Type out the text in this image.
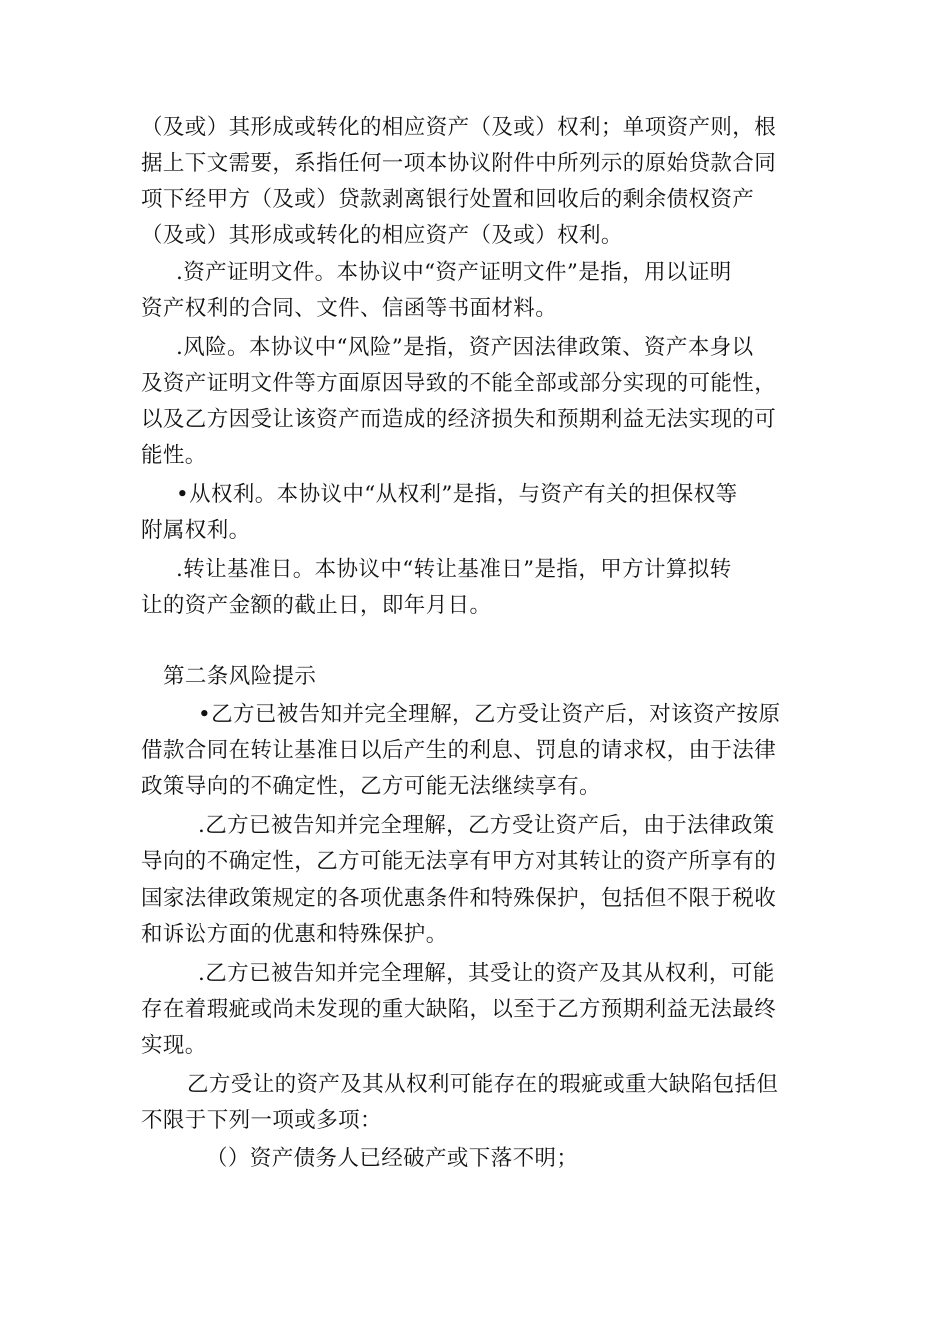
（及或）其形成或转化的相应资产（及或）权利；单项资产则，根
据上下文需要，系指任何一项本协议附件中所列示的原始贷款合同
项下经甲方（及或）贷款剥离银行处置和回收后的剩余债权资产
（及或）其形成或转化的相应资产（及或）权利。
.资产证明文件。本协议中“资产证明文件”是指，用以证明
资产权利的合同、文件、信函等书面材料。
.风险。本协议中“风险”是指，资产因法律政策、资产本身以
及资产证明文件等方面原因导致的不能全部或部分实现的可能性，
以及乙方因受让该资产而造成的经济损失和预期利益无法实现的可
能性。
•从权利。本协议中“从权利”是指，与资产有关的担保权等
附属权利。
.转让基准日。本协议中“转让基准日”是指，甲方计算拟转
让的资产金额的截止日，即年月日。
第二条风险提示
•乙方已被告知并完全理解，乙方受让资产后，对该资产按原
借款合同在转让基准日以后产生的利息、罚息的请求权，由于法律
政策导向的不确定性，乙方可能无法继续享有。
.乙方已被告知并完全理解，乙方受让资产后，由于法律政策
导向的不确定性，乙方可能无法享有甲方对其转让的资产所享有的
国家法律政策规定的各项优惠条件和特殊保护，包括但不限于税收
和诉讼方面的优惠和特殊保护。
.乙方已被告知并完全理解，其受让的资产及其从权利，可能
存在着瑕疵或尚未发现的重大缺陷，以至于乙方预期利益无法最终
实现。
乙方受让的资产及其从权利可能存在的瑕疵或重大缺陷包括但
不限于下列一项或多项：
（）资产债务人已经破产或下落不明；
